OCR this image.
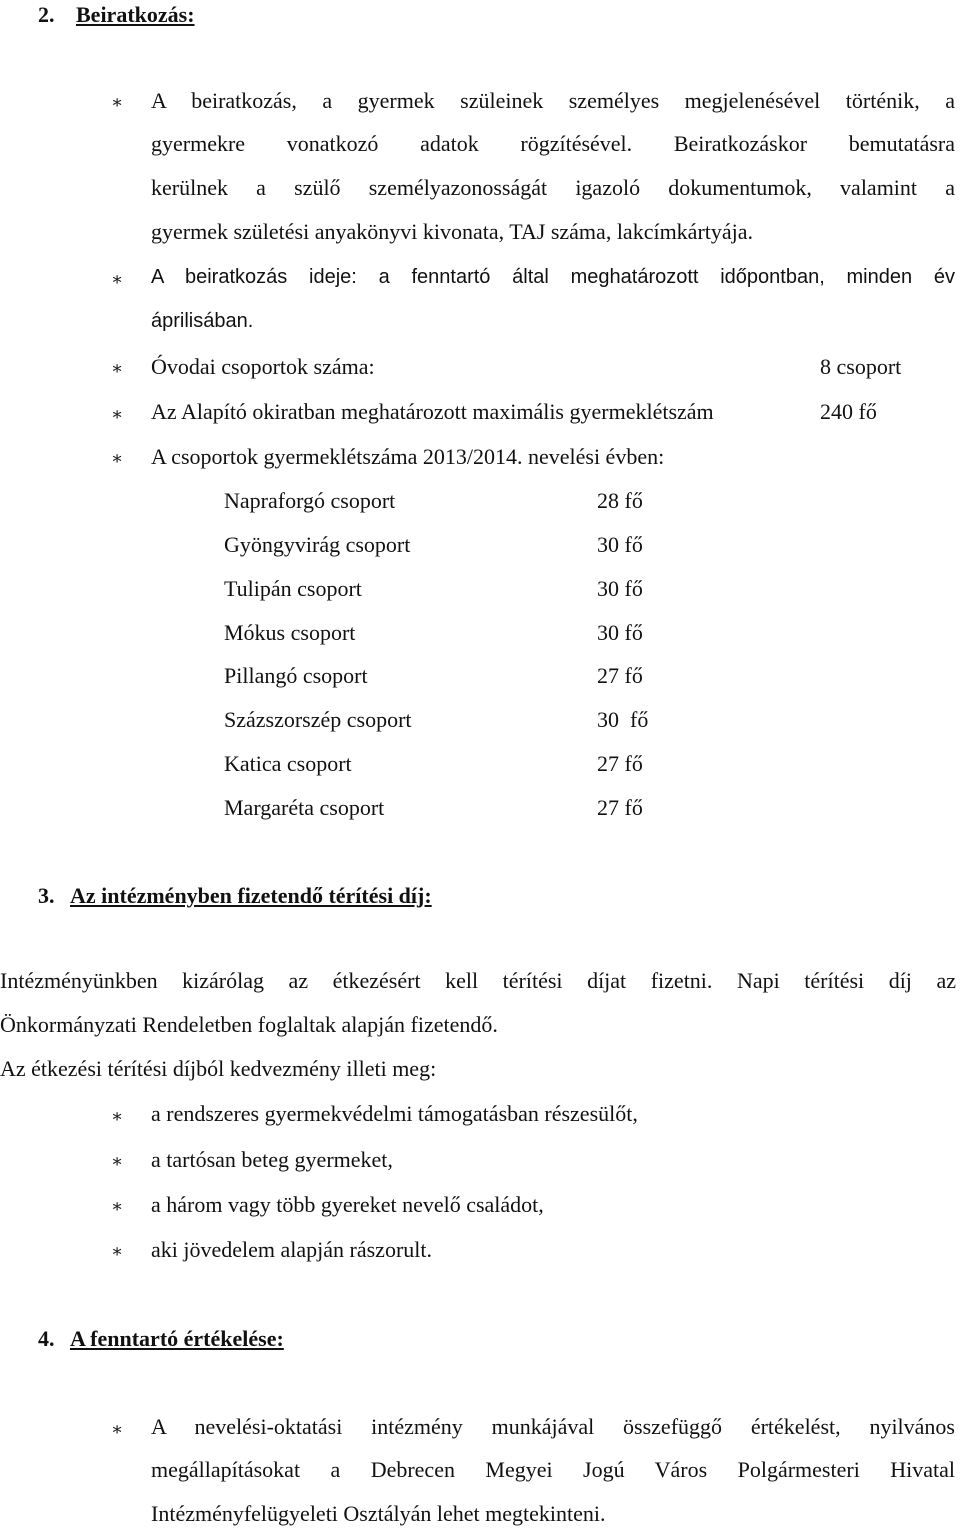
2. Beiratkozás:
∗ A beiratkozás, a gyermek szüleinek személyes megjelenésével történik, a
gyermekre vonatkozó adatok rögzítésével. Beiratkozáskor bemutatásra
kerülnek a szülő személyazonosságát igazoló dokumentumok, valamint a
gyermek születési anyakönyvi kivonata, TAJ száma, lakcímkártyája.
∗ A beiratkozás ideje: a fenntartó által meghatározott időpontban, minden év
áprilisában.
∗ Óvodai csoportok száma:	8 csoport
∗ Az Alapító okiratban meghatározott maximális gyermeklétszám	240 fő
∗ A csoportok gyermeklétszáma 2013/2014. nevelési évben:
Napraforgó csoport	28 fő
Gyöngyvirág csoport	30 fő
Tulipán csoport	30 fő
Mókus csoport	30 fő
Pillangó csoport	27 fő
Százszorszép csoport	30  fő
Katica csoport	27 fő
Margaréta csoport	27 fő
3. Az intézményben fizetendő térítési díj:
Intézményünkben kizárólag az étkezésért kell térítési díjat fizetni. Napi térítési díj az
Önkormányzati Rendeletben foglaltak alapján fizetendő.
Az étkezési térítési díjból kedvezmény illeti meg:
∗ a rendszeres gyermekvédelmi támogatásban részesülőt,
∗ a tartósan beteg gyermeket,
∗ a három vagy több gyereket nevelő családot,
∗ aki jövedelem alapján rászorult.
4. A fenntartó értékelése:
∗ A nevelési-oktatási intézmény munkájával összefüggő értékelést, nyilvános
megállapításokat a Debrecen Megyei Jogú Város Polgármesteri Hivatal
Intézményfelügyeleti Osztályán lehet megtekinteni.
